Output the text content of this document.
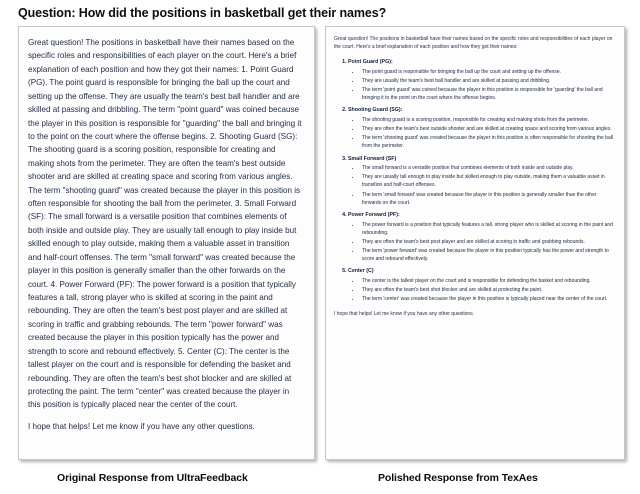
Question: How did the positions in basketball get their names?

Great question! The positions in basketball have their names based on the specific roles and responsibilities of each player on the court. Here's a brief explanation of each position and how they got their names: 1. Point Guard (PG). The point guard is responsible for bringing the ball up the court and setting up the offense. They are usually the team's best ball handler and are skilled at passing and dribbling. The term "point guard" was coined because the player in this position is responsible for "guarding" the ball and bringing it to the point on the court where the offense begins. 2. Shooting Guard (SG): The shooting guard is a scoring position, responsible for creating and making shots from the perimeter. They are often the team's best outside shooter and are skilled at creating space and scoring from various angles. The term "shooting guard" was created because the player in this position is often responsible for shooting the ball from the perimeter. 3. Small Forward (SF): The small forward is a versatile position that combines elements of both inside and outside play. They are usually tall enough to play inside but skilled enough to play outside, making them a valuable asset in transition and half-court offenses. The term "small forward" was created because the player in this position is generally smaller than the other forwards on the court. 4. Power Forward (PF): The power forward is a position that typically features a tall, strong player who is skilled at scoring in the paint and rebounding. They are often the team's best post player and are skilled at scoring in traffic and grabbing rebounds. The term "power forward" was created because the player in this position typically has the power and strength to score and rebound effectively. 5. Center (C): The center is the tallest player on the court and is responsible for defending the basket and rebounding. They are often the team's best shot blocker and are skilled at protecting the paint. The term "center" was created because the player in this position is typically placed near the center of the court.

I hope that helps! Let me know if you have any other questions.

Great question! The positions in basketball have their names based on the specific roles and responsibilities of each player on the court. Here's a brief explanation of each position and how they got their names:

1. Point Guard (PG):
• The point guard is responsible for bringing the ball up the court and setting up the offense.
• They are usually the team's best ball handler and are skilled at passing and dribbling.
• The term 'point guard' was coined because the player in this position is responsible for 'guarding' the ball and bringing it to the point on the court where the offense begins.
2. Shooting Guard (SG):
• The shooting guard is a scoring position, responsible for creating and making shots from the perimeter.
• They are often the team's best outside shooter and are skilled at creating space and scoring from various angles.
• The term 'shooting guard' was created because the player in this position is often responsible for shooting the ball from the perimeter.
3. Small Forward (SF)
• The small forward is a versatile position that combines elements of both inside and outside play.
• They are usually tall enough to play inside but skilled enough to play outside, making them a valuable asset in transition and half-court offenses.
• The term 'small forward' was created because the player in this position is generally smaller than the other forwards on the court.
4. Power Forward (PF):
• The power forward is a position that typically features a tall, strong player who is skilled at scoring in the paint and rebounding.
• They are often the team's best post player and are skilled at scoring in traffic and grabbing rebounds.
• The term 'power forward' was created because the player in this position typically has the power and strength to score and rebound effectively.
5. Center (C)
• The center is the tallest player on the court and is responsible for defending the basket and rebounding.
• They are often the team's best shot blocker and are skilled at protecting the paint.
• The term 'center' was created because the player in this position is typically placed near the center of the court.

I hope that helps! Let me know if you have any other questions.

Original Response from UltraFeedback	Polished Response from TexAes
